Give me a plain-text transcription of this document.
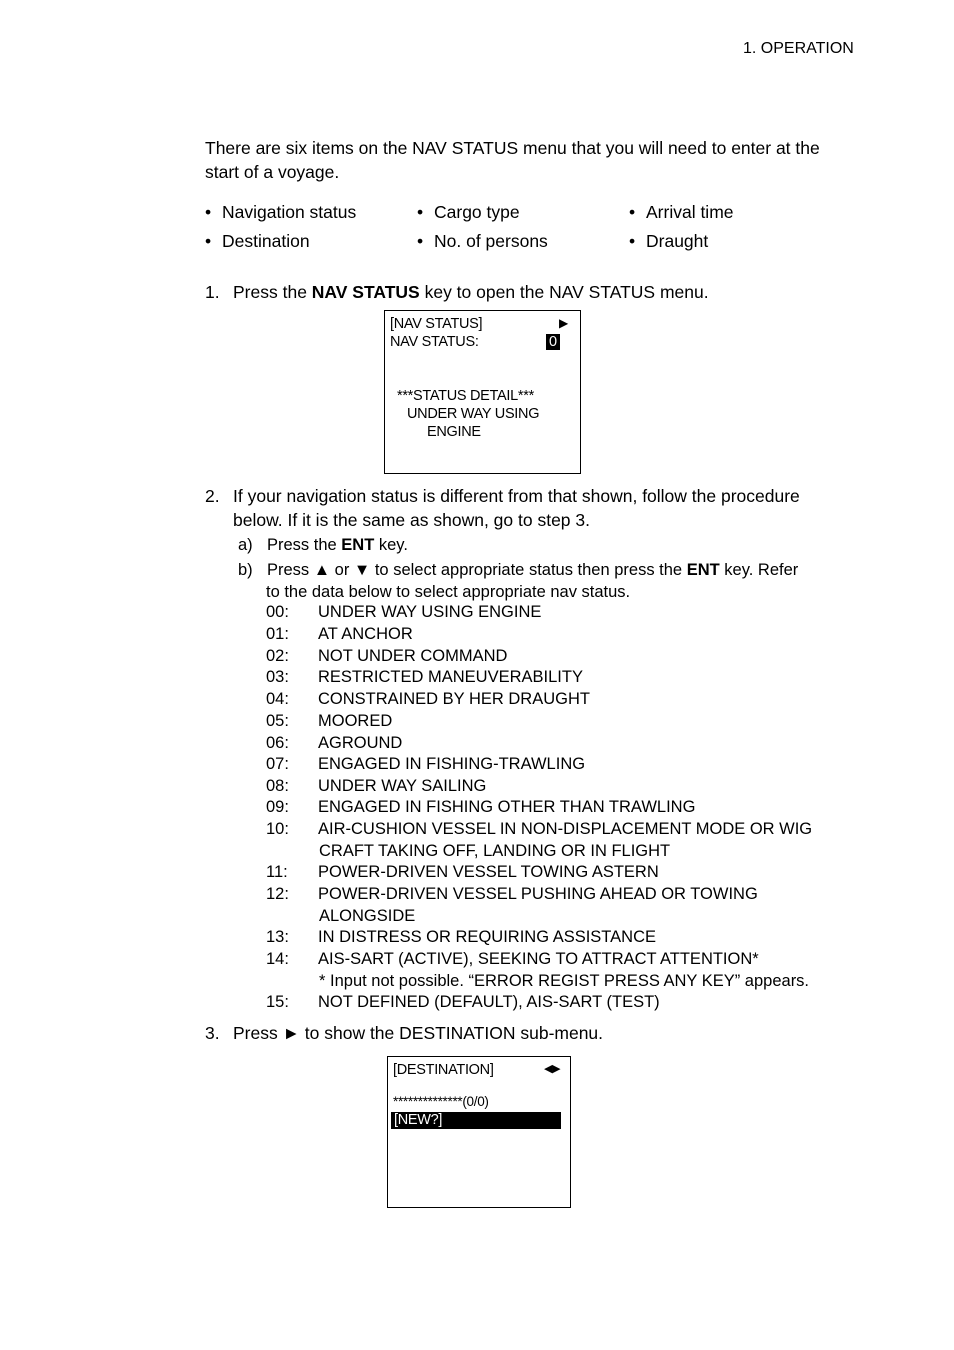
1. OPERATION
There are six items on the NAV STATUS menu that you will need to enter at the start of a voyage.
• Navigation status
• Destination
• Cargo type
• No. of persons
• Arrival time
• Draught
1. Press the NAV STATUS key to open the NAV STATUS menu.
[NAV STATUS]	▶
NAV STATUS:	0
***STATUS DETAIL***
UNDER WAY USING
ENGINE
2. If your navigation status is different from that shown, follow the procedure below. If it is the same as shown, go to step 3.
a) Press the ENT key.
b) Press ▲ or ▼ to select appropriate status then press the ENT key. Refer
to the data below to select appropriate nav status.
00: UNDER WAY USING ENGINE
01: AT ANCHOR
02: NOT UNDER COMMAND
03: RESTRICTED MANEUVERABILITY
04: CONSTRAINED BY HER DRAUGHT
05: MOORED
06: AGROUND
07: ENGAGED IN FISHING-TRAWLING
08: UNDER WAY SAILING
09: ENGAGED IN FISHING OTHER THAN TRAWLING
10: AIR-CUSHION VESSEL IN NON-DISPLACEMENT MODE OR WIG
CRAFT TAKING OFF, LANDING OR IN FLIGHT
11: POWER-DRIVEN VESSEL TOWING ASTERN
12: POWER-DRIVEN VESSEL PUSHING AHEAD OR TOWING
ALONGSIDE
13: IN DISTRESS OR REQUIRING ASSISTANCE
14: AIS-SART (ACTIVE), SEEKING TO ATTRACT ATTENTION*
* Input not possible. “ERROR REGIST PRESS ANY KEY” appears.
15: NOT DEFINED (DEFAULT), AIS-SART (TEST)
3. Press ► to show the DESTINATION sub-menu.
[DESTINATION]	◀▶
**************(0/0)
[NEW?]
